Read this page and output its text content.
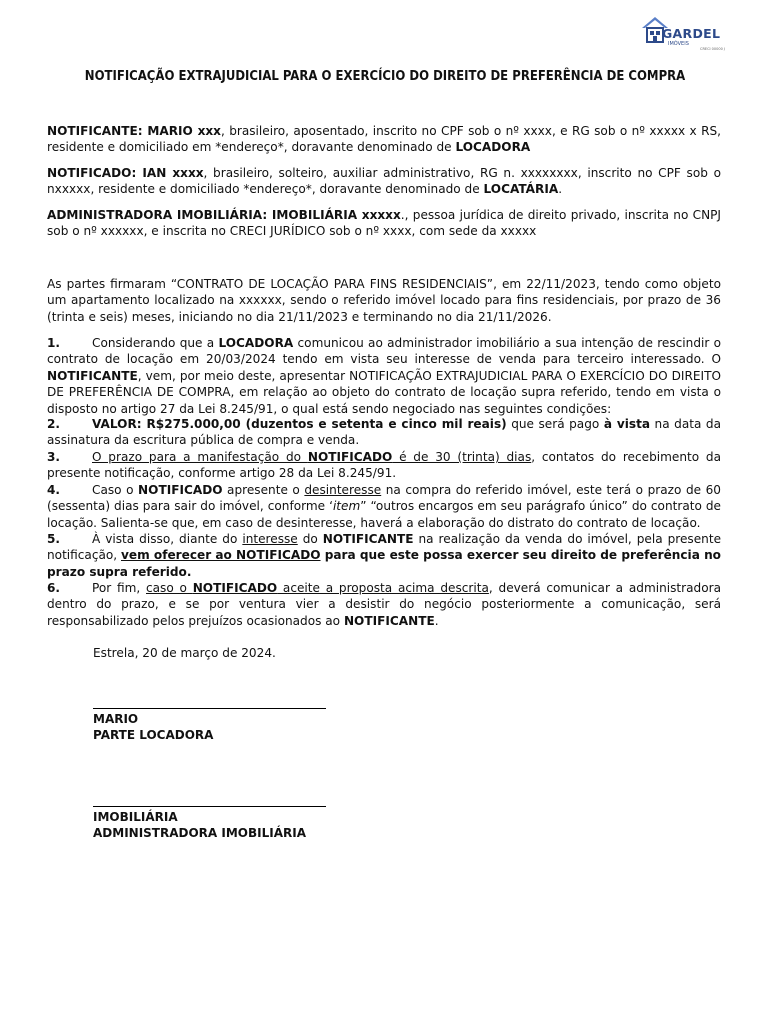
GARDEL
IMÓVEIS
CRECI 00000 J
NOTIFICAÇÃO EXTRAJUDICIAL PARA O EXERCÍCIO DO DIREITO DE PREFERÊNCIA DE COMPRA

NOTIFICANTE: MARIO xxx, brasileiro, aposentado, inscrito no CPF sob o nº xxxx, e RG sob o nº xxxxx x RS, residente e domiciliado em *endereço*, doravante denominado de LOCADORA

NOTIFICADO: IAN xxxx, brasileiro, solteiro, auxiliar administrativo, RG n. xxxxxxxx, inscrito no CPF sob o nxxxxx, residente e domiciliado *endereço*, doravante denominado de LOCATÁRIA.

ADMINISTRADORA IMOBILIÁRIA: IMOBILIÁRIA xxxxx., pessoa jurídica de direito privado, inscrita no CNPJ sob o nº xxxxxx, e inscrita no CRECI JURÍDICO sob o nº xxxx, com sede da xxxxx

As partes firmaram “CONTRATO DE LOCAÇÃO PARA FINS RESIDENCIAIS”, em 22/11/2023, tendo como objeto um apartamento localizado na xxxxxx, sendo o referido imóvel locado para fins residenciais, por prazo de 36 (trinta e seis) meses, iniciando no dia 21/11/2023 e terminando no dia 21/11/2026.

1.	Considerando que a LOCADORA comunicou ao administrador imobiliário a sua intenção de rescindir o contrato de locação em 20/03/2024 tendo em vista seu interesse de venda para terceiro interessado. O NOTIFICANTE, vem, por meio deste, apresentar NOTIFICAÇÃO EXTRAJUDICIAL PARA O EXERCÍCIO DO DIREITO DE PREFERÊNCIA DE COMPRA, em relação ao objeto do contrato de locação supra referido, tendo em vista o disposto no artigo 27 da Lei 8.245/91, o qual está sendo negociado nas seguintes condições:

2.	VALOR: R$275.000,00 (duzentos e setenta e cinco mil reais) que será pago à vista na data da assinatura da escritura pública de compra e venda.

3.	O prazo para a manifestação do NOTIFICADO é de 30 (trinta) dias, contatos do recebimento da presente notificação, conforme artigo 28 da Lei 8.245/91.

4.	Caso o NOTIFICADO apresente o desinteresse na compra do referido imóvel, este terá o prazo de 60 (sessenta) dias para sair do imóvel, conforme ‘item” “outros encargos em seu parágrafo único” do contrato de locação. Salienta-se que, em caso de desinteresse, haverá a elaboração do distrato do contrato de locação.

5.	À vista disso, diante do interesse do NOTIFICANTE na realização da venda do imóvel, pela presente notificação, vem oferecer ao NOTIFICADO para que este possa exercer seu direito de preferência no prazo supra referido.

6.	Por fim, caso o NOTIFICADO aceite a proposta acima descrita, deverá comunicar a administradora dentro do prazo, e se por ventura vier a desistir do negócio posteriormente a comunicação, será responsabilizado pelos prejuízos ocasionados ao NOTIFICANTE.

Estrela, 20 de março de 2024.
MARIO
PARTE LOCADORA
IMOBILIÁRIA
ADMINISTRADORA IMOBILIÁRIA
